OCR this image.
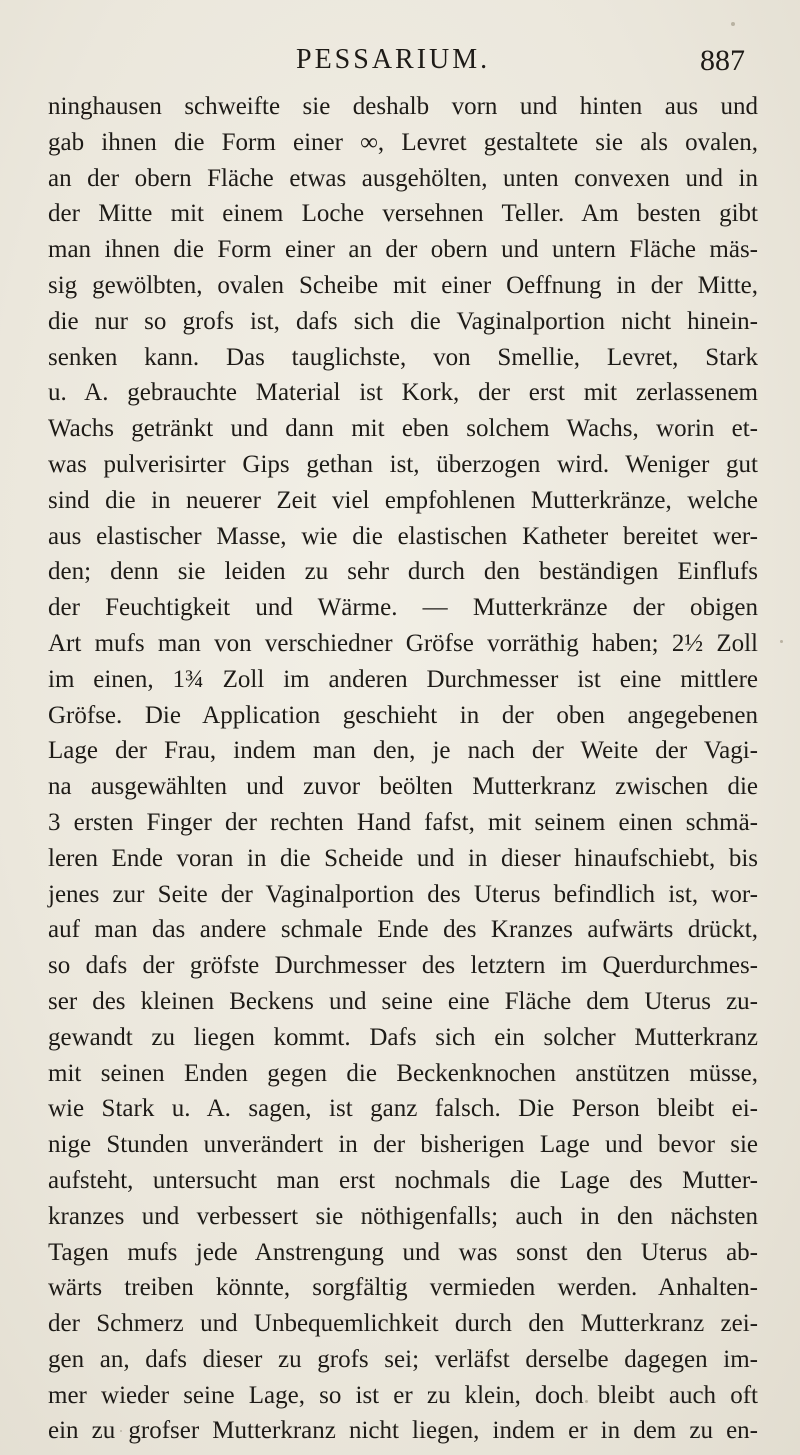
PESSARIUM.	887
ninghausen schweifte sie deshalb vorn und hinten aus und
gab ihnen die Form einer ∞, Levret gestaltete sie als ovalen,
an der obern Fläche etwas ausgehölten, unten convexen und in
der Mitte mit einem Loche versehnen Teller. Am besten gibt
man ihnen die Form einer an der obern und untern Fläche mäs-
sig gewölbten, ovalen Scheibe mit einer Oeffnung in der Mitte,
die nur so grofs ist, dafs sich die Vaginalportion nicht hinein-
senken kann. Das tauglichste, von Smellie, Levret, Stark
u. A. gebrauchte Material ist Kork, der erst mit zerlassenem
Wachs getränkt und dann mit eben solchem Wachs, worin et-
was pulverisirter Gips gethan ist, überzogen wird. Weniger gut
sind die in neuerer Zeit viel empfohlenen Mutterkränze, welche
aus elastischer Masse, wie die elastischen Katheter bereitet wer-
den; denn sie leiden zu sehr durch den beständigen Einflufs
der Feuchtigkeit und Wärme. — Mutterkränze der obigen
Art mufs man von verschiedner Gröfse vorräthig haben; 2½ Zoll
im einen, 1¾ Zoll im anderen Durchmesser ist eine mittlere
Gröfse. Die Application geschieht in der oben angegebenen
Lage der Frau, indem man den, je nach der Weite der Vagi-
na ausgewählten und zuvor beölten Mutterkranz zwischen die
3 ersten Finger der rechten Hand fafst, mit seinem einen schmä-
leren Ende voran in die Scheide und in dieser hinaufschiebt, bis
jenes zur Seite der Vaginalportion des Uterus befindlich ist, wor-
auf man das andere schmale Ende des Kranzes aufwärts drückt,
so dafs der gröfste Durchmesser des letztern im Querdurchmes-
ser des kleinen Beckens und seine eine Fläche dem Uterus zu-
gewandt zu liegen kommt. Dafs sich ein solcher Mutterkranz
mit seinen Enden gegen die Beckenknochen anstützen müsse,
wie Stark u. A. sagen, ist ganz falsch. Die Person bleibt ei-
nige Stunden unverändert in der bisherigen Lage und bevor sie
aufsteht, untersucht man erst nochmals die Lage des Mutter-
kranzes und verbessert sie nöthigenfalls; auch in den nächsten
Tagen mufs jede Anstrengung und was sonst den Uterus ab-
wärts treiben könnte, sorgfältig vermieden werden. Anhalten-
der Schmerz und Unbequemlichkeit durch den Mutterkranz zei-
gen an, dafs dieser zu grofs sei; verläfst derselbe dagegen im-
mer wieder seine Lage, so ist er zu klein, doch bleibt auch oft
ein zu grofser Mutterkranz nicht liegen, indem er in dem zu en-
